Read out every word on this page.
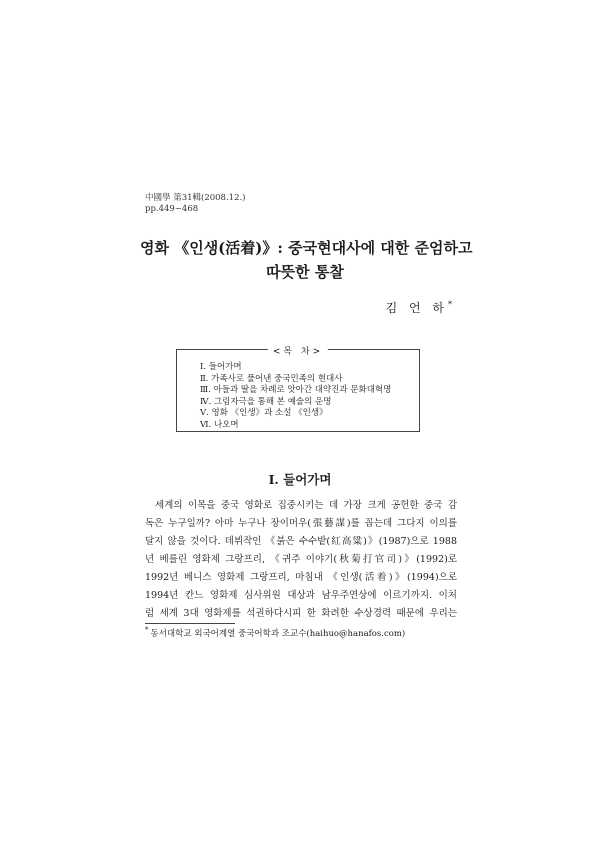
中國學 第31輯(2008.12.)
pp.449~468
영화 《인생(活着)》: 중국현대사에 대한 준엄하고
따뜻한 통찰
김 언 하*
<목 차>
Ⅰ. 들어가며
Ⅱ. 가족사로 풀어낸 중국민족의 현대사
Ⅲ. 아들과 딸을 차례로 앗아간 대약진과 문화대혁명
Ⅳ. 그림자극을 통해 본 예술의 운명
Ⅴ. 영화 《인생》과 소설 《인생》
Ⅵ. 나오며
Ⅰ. 들어가며
세계의 이목을 중국 영화로 집중시키는 데 가장 크게 공헌한 중국 감
독은 누구일까? 아마 누구나 장이머우(張藝謀)를 꼽는데 그다지 이의를
달지 않을 것이다. 데뷔작인 《붉은 수수밭(紅高粱)》(1987)으로 1988
년 베를린 영화제 그랑프리, 《귀주 이야기(秋菊打官司)》(1992)로
1992년 베니스 영화제 그랑프리, 마침내 《인생(活着)》(1994)으로
1994년 칸느 영화제 심사위원 대상과 남우주연상에 이르기까지. 이처
럼 세계 3대 영화제를 석권하다시피 한 화려한 수상경력 때문에 우리는
* 동서대학교 외국어계열 중국어학과 조교수(haihuo@hanafos.com)
